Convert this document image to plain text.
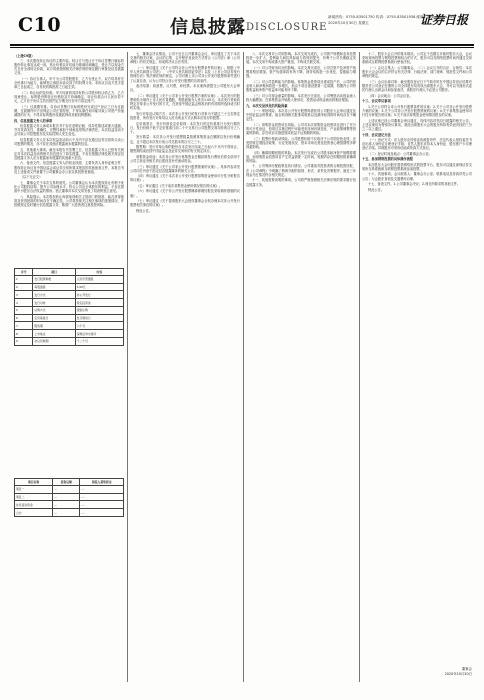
C10	信息披露 DISCLOSURE
新闻热线：0755-83501750 传真：0755-83501938 邮箱：zqsb@zqrb.net
2020年10月30日 星期五	证券日报
（上接C9版）
三、本次股权转让协议的主要内容。转让方与受让方于协议签署日就标的股份转让事宜达成一致，转让价格以评估值为基础协商确定，受让方以现金方式支付全部转让价款，双方同意按照相关法律法规的规定履行审批及信息披露义务。
（一）协议当事人。甲方为公司控股股东，乙方为受让方，双方均具有完全民事行为能力，能够独立承担本协议项下的权利义务。本协议自双方签字盖章之日起成立，自有权机构批准之日起生效。
（二）转让标的及价格。甲方同意将其持有的公司股份转让给乙方，乙方同意受让。标的股份的转让价格经双方协商确定，转让价款合计人民币若干元，乙方应于协议生效后按约定分期支付至甲方指定账户。
（三）过渡期安排。自协议签署日至标的股份完成过户登记之日为过渡期，过渡期内甲方应保证公司正常经营，不得从事任何可能导致公司资产价值减损的行为，不得对标的股份设置质押或其他权利限制。
四、信息披露义务人的承诺
信息披露义务人承诺本报告书不存在虚假记载、误导性陈述或重大遗漏，并对其真实性、准确性、完整性承担个别和连带的法律责任。本次权益变动不会导致公司控股股东及实际控制人发生变化。
信息披露义务人在本次权益变动前六个月内不存在通过证券交易所买卖公司股票的情况，亦不存在其他应披露而未披露的信息。
五、其他重大事项。截至本报告书签署之日，信息披露义务人已按有关规定对本次权益变动的相关信息进行了如实披露，不存在根据法律及相关规定信息披露义务人应当披露而未披露的其他重大信息。
六、备查文件。信息披露义务人的营业执照、主要负责人身份证明文件、股权转让协议及中国证监会或证券交易所要求报送的其他备查文件，本报告书及上述备查文件备置于公司董事会办公室以供投资者查阅。
（以下无正文）
七、董事会关于本次交易的意见。公司董事会认为本次股权转让有利于优化公司股权结构，提升公司治理水平，符合公司及全体股东的利益，不存在损害中小股东合法权益的情形。独立董事对本次交易发表了同意的独立意见。
八、风险提示。本次股权转让尚需取得相关主管部门的批准，能否获得批准及获得批准的时间存在不确定性。公司将持续关注相关事项的进展情况，并按照规定及时履行信息披露义务，敬请广大投资者注意投资风险。
七、董事会决议情况。公司于近日召开董事会会议，审议通过了关于本次交易的相关议案，会议的召集、召开程序及表决方式符合《公司法》和《公司章程》的有关规定，形成的决议合法有效。
（一）审议通过《关于公司符合非公开发行股票条件的议案》。根据《中华人民共和国公司法》、《中华人民共和国证券法》以及《上市公司证券发行管理办法》等法律法规的规定，公司对照上市公司非公开发行股票的条件进行了认真自查，认为公司符合非公开发行股票的各项条件。
表决结果：同意票，反对票，弃权票。本议案尚需提交公司股东大会审议。
（二）审议通过《关于公司非公开发行股票方案的议案》。本次发行的股票种类为境内上市人民币普通股，每股面值为人民币1.00元；本次发行采取向特定对象非公开发行的方式，在获得中国证监会核准后的有效期内选择适当时机实施。
发行对象及认购方式：本次非公开发行的发行对象为不超过三十五名特定投资者，所有发行对象均以人民币现金方式认购本次发行的股票。
定价基准日、发行价格及定价原则：本次发行的定价基准日为发行期首日，发行价格不低于定价基准日前二十个交易日公司股票交易均价的百分之八十。
发行数量：本次非公开发行股票数量按照募集资金总额除以发行价格确定，且不超过本次发行前公司总股本的百分之三十。
限售期：发行对象认购的股份自本次发行结束之日起六个月内不得转让，限售期结束后按中国证监会及证券交易所的有关规定执行。
募集资金用途：本次非公开发行募集资金总额扣除发行费用后将全部用于公司主营业务相关项目建设及补充流动资金。
（三）审议通过《关于公司非公开发行股票预案的议案》。具体内容详见公司同日刊登于指定信息披露媒体的相关公告。
（四）审议通过《关于本次非公开发行股票募集资金使用可行性分析报告的议案》。
（五）审议通过《关于前次募集资金使用情况报告的议案》。
（六）审议通过《关于非公开发行股票摊薄即期回报及采取填补措施的议案》。
（七）审议通过《关于提请股东大会授权董事会全权办理本次非公开发行股票相关事宜的议案》。
特此公告。
八、本次交易对公司的影响。本次交易完成后，公司资产规模和业务范围将进一步扩大，盈利能力和抗风险能力将得到提升，有利于公司长期稳定发展。本次交易不构成重大资产重组，不构成关联交易。
（一）对公司财务状况的影响。本次交易完成后，公司总资产及净资产规模将相应增加，资产负债率将有所下降，财务结构进一步优化，偿债能力增强。
（二）对公司盈利能力的影响。募集资金投资项目建成投产后，公司的营业收入和净利润将进一步增长，但由于项目建设需要一定周期，短期内公司每股收益和净资产收益率可能有所下降。
（三）对公司现金流量的影响。本次发行完成后，公司筹资活动现金流入将大幅增加；在募集资金开始投入使用后，投资活动现金流出将相应增加。
九、本次交易涉及的风险因素
（一）审批风险。本次非公开发行股票尚需获得公司股东大会审议通过及中国证监会的核准，能否取得相关批准或核准以及最终取得的时间均存在不确定性。
（二）募集资金投资项目风险。公司对本次募集资金投资项目进行了充分的可行性论证，但项目实施过程中可能受到市场环境变化、产业政策调整等因素的影响，存在项目实施进度或收益不达预期的风险。
（三）股票价格波动风险。公司股票价格不仅取决于公司的经营业绩，还受国家宏观经济政策、行业发展状况、资本市场走势及投资者心理预期等多种因素影响。
（四）摊薄即期回报的风险。本次发行完成后公司股本和净资产规模将增加，而募集资金投资项目产生效益需要一定时间，短期内存在即期回报被摊薄的风险。
十、公司利润分配政策及执行情况。公司重视对投资者的合理投资回报，在《公司章程》中明确了利润分配的原则、形式、条件及决策程序，最近三年现金分红情况符合相关规定。
十一、其他需要说明的事项。公司将严格按照相关法律法规的要求履行信息披露义务。
十二、股东大会召开的基本情况。公司定于近期召开临时股东大会，会议采取现场投票与网络投票相结合的方式，股东可以在网络投票时间内通过交易系统或互联网投票系统行使表决权。
（一）会议召集人：公司董事会。（二）会议召开的合法、合规性：本次股东大会会议的召开符合有关法律、行政法规、部门规章、规范性文件和公司章程的规定。
（三）会议出席对象：截至股权登记日下午收市时在中国证券登记结算有限责任公司登记在册的公司全体股东均有权出席股东大会，并可以书面形式委托代理人出席会议和参加表决，该股东代理人不必是公司股东。
（四）会议地点：公司会议室。
十三、会议审议事项
1.关于公司符合非公开发行股票条件的议案；2.关于公司非公开发行股票方案的议案；3.关于公司非公开发行股票预案的议案；4.关于募集资金使用可行性分析报告的议案；5.关于前次募集资金使用情况报告的议案。
上述议案已经公司董事会审议通过，具体内容详见同日披露的相关公告。上述议案均为特别决议事项，需经出席股东大会的股东所持有效表决权的三分之二以上通过。
十四、会议登记方法
（一）登记方式：法人股东应持营业执照复印件、法定代表人授权委托书及出席人身份证办理登记手续；自然人股东应持本人身份证、股东账户卡办理登记手续。异地股东可采用信函或传真方式登记。
（二）登记时间及地点：公司董事会办公室。
十五、参加网络投票的具体操作流程
本次股东大会向股东提供网络形式的投票平台，股东可以通过深圳证券交易所交易系统和互联网投票系统参加投票。
十六、其他事项。会议联系人：董事会办公室；联系电话及传真详见公司公告；与会股东食宿及交通费用自理。
十七、备查文件。1.公司董事会决议；2.深交所要求的其他文件。
特此公告。
序号	项目	内容
1	发行股票种类	人民币普通股
2	每股面值	1.00元
3	发行方式	非公开发行
4	发行对象	特定投资者
5	认购方式	现金认购
6	定价基准日	发行期首日
7	限售期	六个月
8	上市地点	深圳证券交易所
9	决议有效期	十二个月
项目名称	投资总额	拟投入募集资金
项目一	—	—
项目二	—	—
补充流动资金	—	—
合计	—	—
董事会
2020年10月30日
